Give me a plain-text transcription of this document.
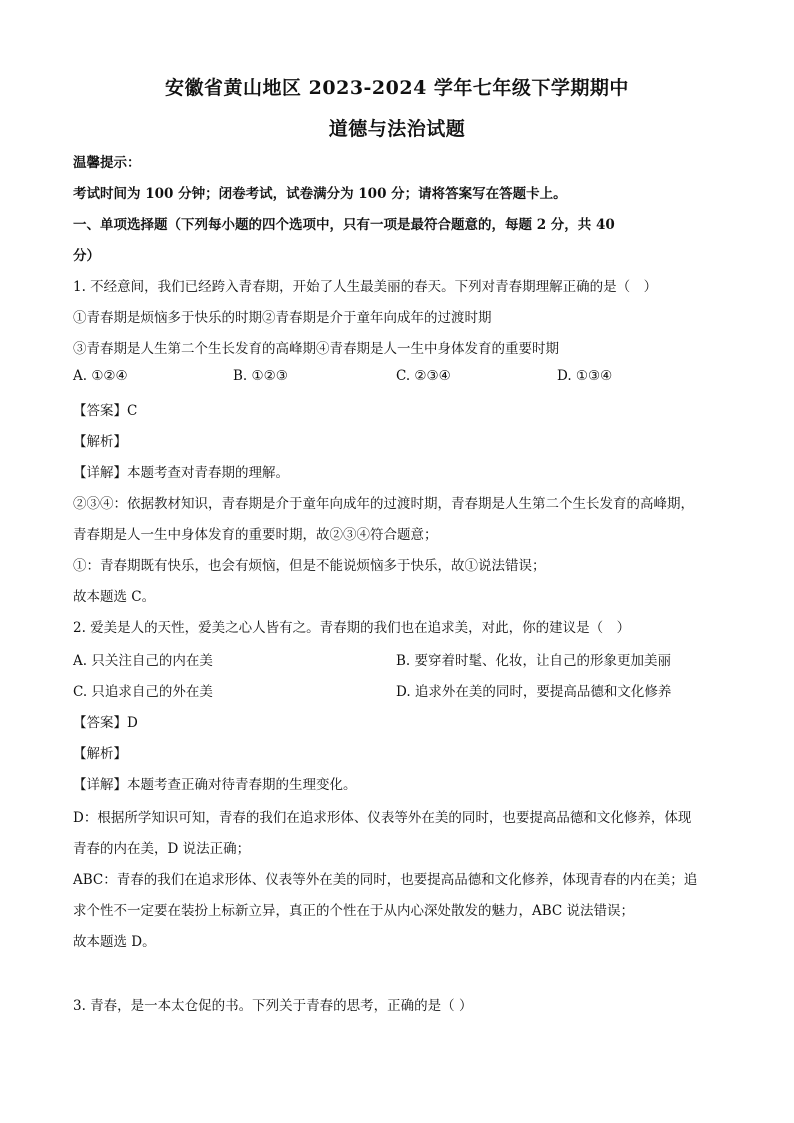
安徽省黄山地区 2023-2024 学年七年级下学期期中
道德与法治试题
温馨提示：
考试时间为 100 分钟；闭卷考试，试卷满分为 100 分；请将答案写在答题卡上。
一、单项选择题（下列每小题的四个选项中，只有一项是最符合题意的，每题 2 分，共 40
分）
1. 不经意间，我们已经跨入青春期，开始了人生最美丽的春天。下列对青春期理解正确的是（　）
①青春期是烦恼多于快乐的时期②青春期是介于童年向成年的过渡时期
③青春期是人生第二个生长发育的高峰期④青春期是人一生中身体发育的重要时期
A. ①②④	B. ①②③	C. ②③④	D. ①③④
【答案】C
【解析】
【详解】本题考查对青春期的理解。
②③④：依据教材知识，青春期是介于童年向成年的过渡时期，青春期是人生第二个生长发育的高峰期，
青春期是人一生中身体发育的重要时期，故②③④符合题意；
①：青春期既有快乐，也会有烦恼，但是不能说烦恼多于快乐，故①说法错误；
故本题选 C。
2. 爱美是人的天性，爱美之心人皆有之。青春期的我们也在追求美，对此，你的建议是（　）
A. 只关注自己的内在美	B. 要穿着时髦、化妆，让自己的形象更加美丽
C. 只追求自己的外在美	D. 追求外在美的同时，要提高品德和文化修养
【答案】D
【解析】
【详解】本题考查正确对待青春期的生理变化。
D：根据所学知识可知，青春的我们在追求形体、仪表等外在美的同时，也要提高品德和文化修养，体现
青春的内在美，D 说法正确；
ABC：青春的我们在追求形体、仪表等外在美的同时，也要提高品德和文化修养，体现青春的内在美；追
求个性不一定要在装扮上标新立异，真正的个性在于从内心深处散发的魅力，ABC 说法错误；
故本题选 D。
3. 青春，是一本太仓促的书。下列关于青春的思考，正确的是（ ）
